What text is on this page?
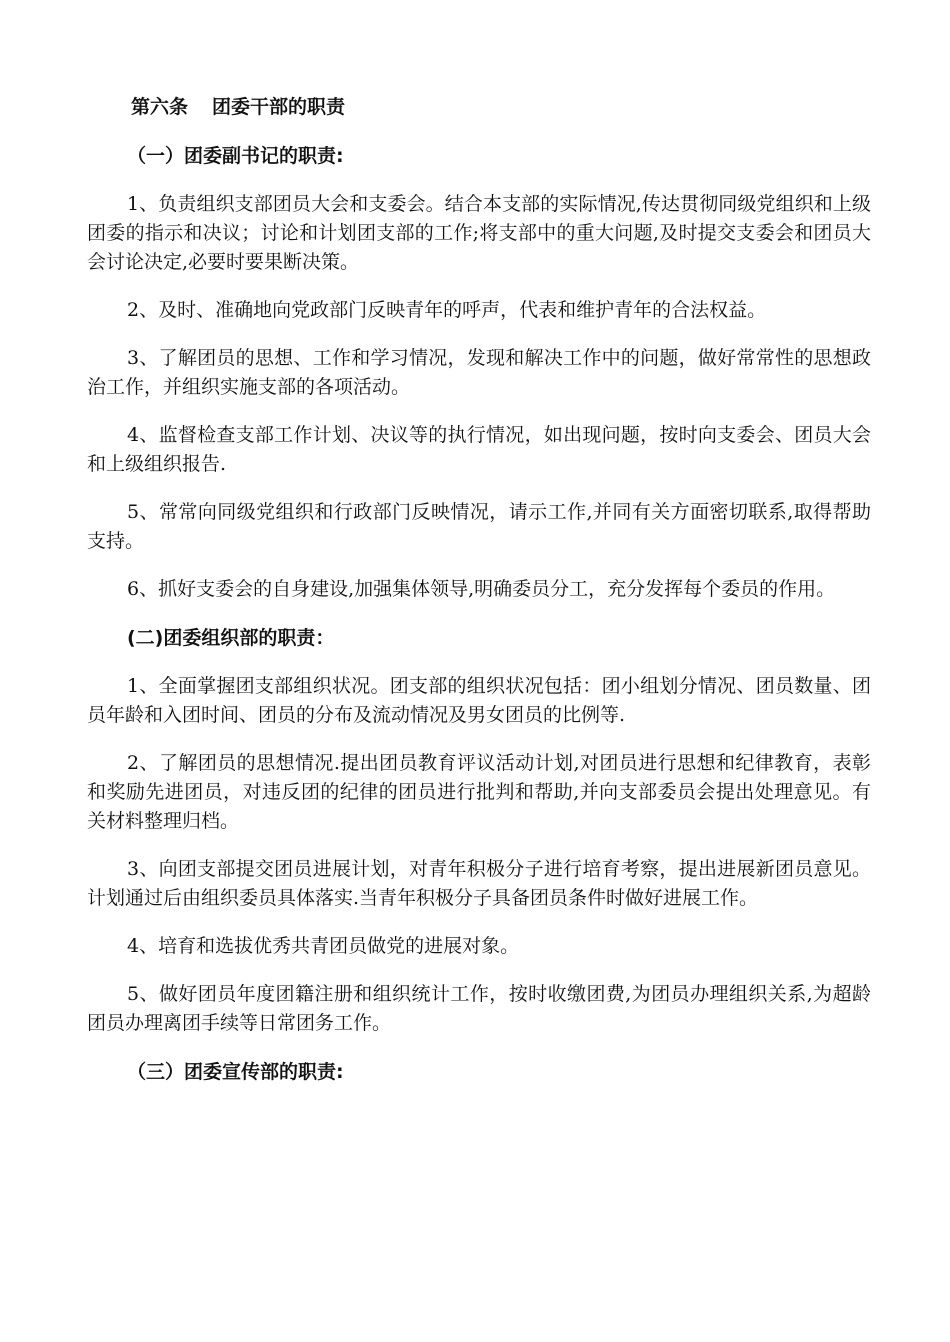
第六条 团委干部的职责
（一）团委副书记的职责:

1、负责组织支部团员大会和支委会。结合本支部的实际情况,传达贯彻同级党组织和上级团委的指示和决议；讨论和计划团支部的工作;将支部中的重大问题,及时提交支委会和团员大会讨论决定,必要时要果断决策。

2、及时、准确地向党政部门反映青年的呼声，代表和维护青年的合法权益。

3、了解团员的思想、工作和学习情况，发现和解决工作中的问题，做好常常性的思想政治工作，并组织实施支部的各项活动。

4、监督检查支部工作计划、决议等的执行情况，如出现问题，按时向支委会、团员大会和上级组织报告.

5、常常向同级党组织和行政部门反映情况，请示工作,并同有关方面密切联系,取得帮助支持。

6、抓好支委会的自身建设,加强集体领导,明确委员分工，充分发挥每个委员的作用。

(二)团委组织部的职责：

1、全面掌握团支部组织状况。团支部的组织状况包括：团小组划分情况、团员数量、团员年龄和入团时间、团员的分布及流动情况及男女团员的比例等.

2、了解团员的思想情况.提出团员教育评议活动计划,对团员进行思想和纪律教育，表彰和奖励先进团员，对违反团的纪律的团员进行批判和帮助,并向支部委员会提出处理意见。有关材料整理归档。

3、向团支部提交团员进展计划，对青年积极分子进行培育考察，提出进展新团员意见。计划通过后由组织委员具体落实.当青年积极分子具备团员条件时做好进展工作。

4、培育和选拔优秀共青团员做党的进展对象。

5、做好团员年度团籍注册和组织统计工作，按时收缴团费,为团员办理组织关系,为超龄团员办理离团手续等日常团务工作。

（三）团委宣传部的职责:
